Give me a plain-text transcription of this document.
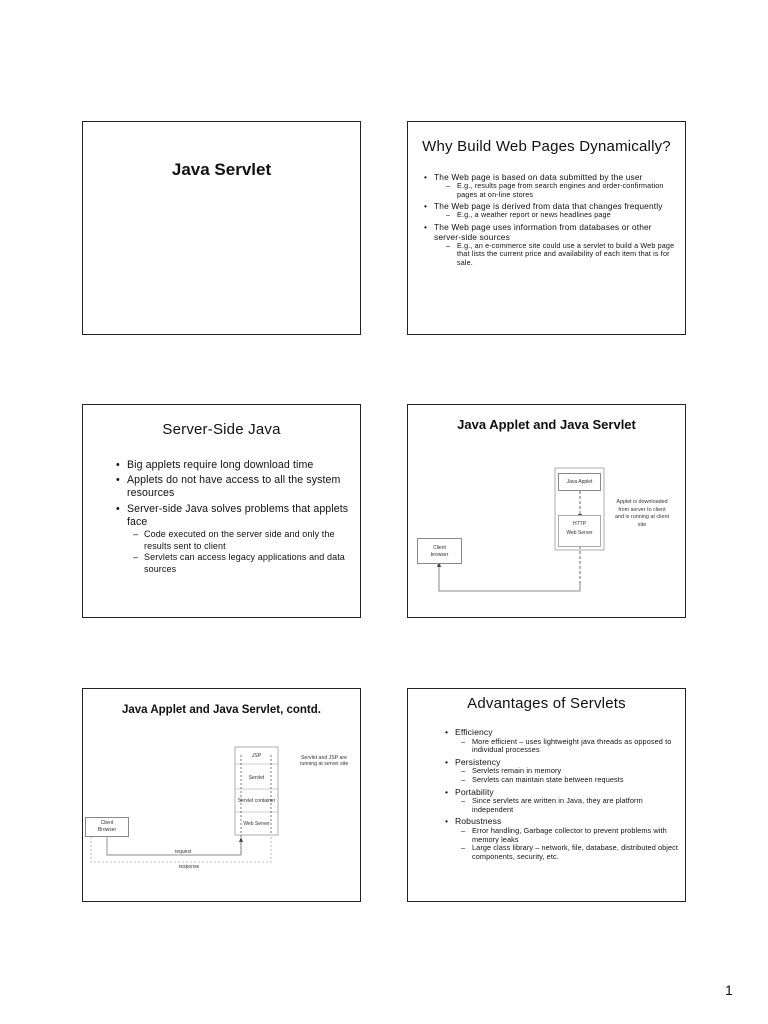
Java Servlet
Why Build Web Pages Dynamically?
• The Web page is based on data submitted by the user
– E.g., results page from search engines and order-confirmation pages at on-line stores
• The Web page is derived from data that changes frequently
– E.g., a weather report or news headlines page
• The Web page uses information from databases or other server-side sources
– E.g., an e-commerce site could use a servlet to build a Web page that lists the current price and availability of each item that is for sale.
Server-Side Java
• Big applets require long download time
• Applets do not have access to all the system resources
• Server-side Java solves problems that applets face
– Code executed on the server side and only the results sent to client
– Servlets can access legacy applications and data sources
Java Applet and Java Servlet
Java Applet
HTTP
Web Server
Client
browser
Applet is downloaded from server to client and is running at client site
Java Applet and Java Servlet, contd.
JSP
Servlet
Servlet container
Web Server
Client
Browser
request
response
Servlet and JSP are running at server site
Advantages of Servlets
• Efficiency
– More efficient – uses lightweight java threads as opposed to individual processes
• Persistency
– Servlets remain in memory
– Servlets can maintain state between requests
• Portability
– Since servlets are written in Java, they are platform independent
• Robustness
– Error handling, Garbage collector to prevent problems with memory leaks
– Large class library – network, file, database, distributed object components, security, etc.
1
